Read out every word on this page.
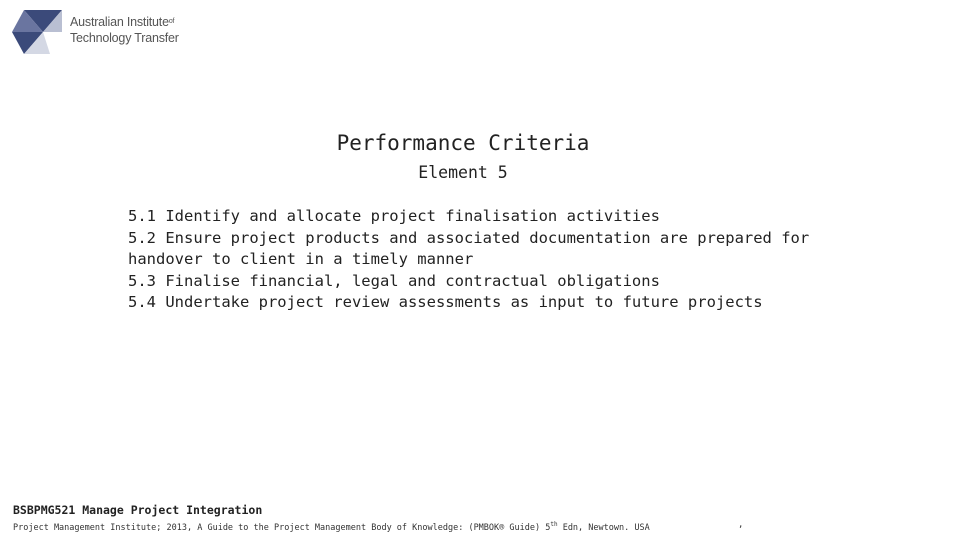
Australian Institute$^{of}$
Technology Transfer
Performance Criteria
Element 5
5.1 Identify and allocate project finalisation activities
5.2 Ensure project products and associated documentation are prepared for handover to client in a timely manner
5.3 Finalise financial, legal and contractual obligations
5.4 Undertake project review assessments as input to future projects
BSBPMG521 Manage Project Integration
Project Management Institute; 2013, A Guide to the Project Management Body of Knowledge: (PMBOK® Guide) 5th Edn, Newtown. USA	,
